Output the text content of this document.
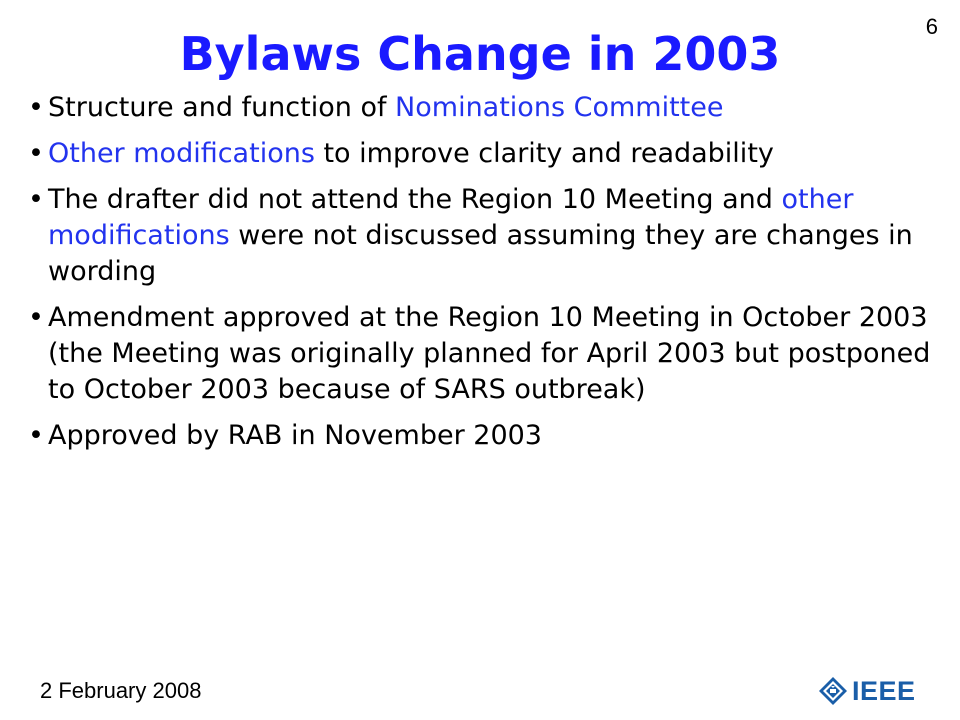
6
Bylaws Change in 2003
• Structure and function of Nominations Committee
• Other modifications to improve clarity and readability
• The drafter did not attend the Region 10 Meeting and other modifications were not discussed assuming they are changes in wording
• Amendment approved at the Region 10 Meeting in October 2003 (the Meeting was originally planned for April 2003 but postponed to October 2003 because of SARS outbreak)
• Approved by RAB in November 2003
2 February 2008	IEEE
